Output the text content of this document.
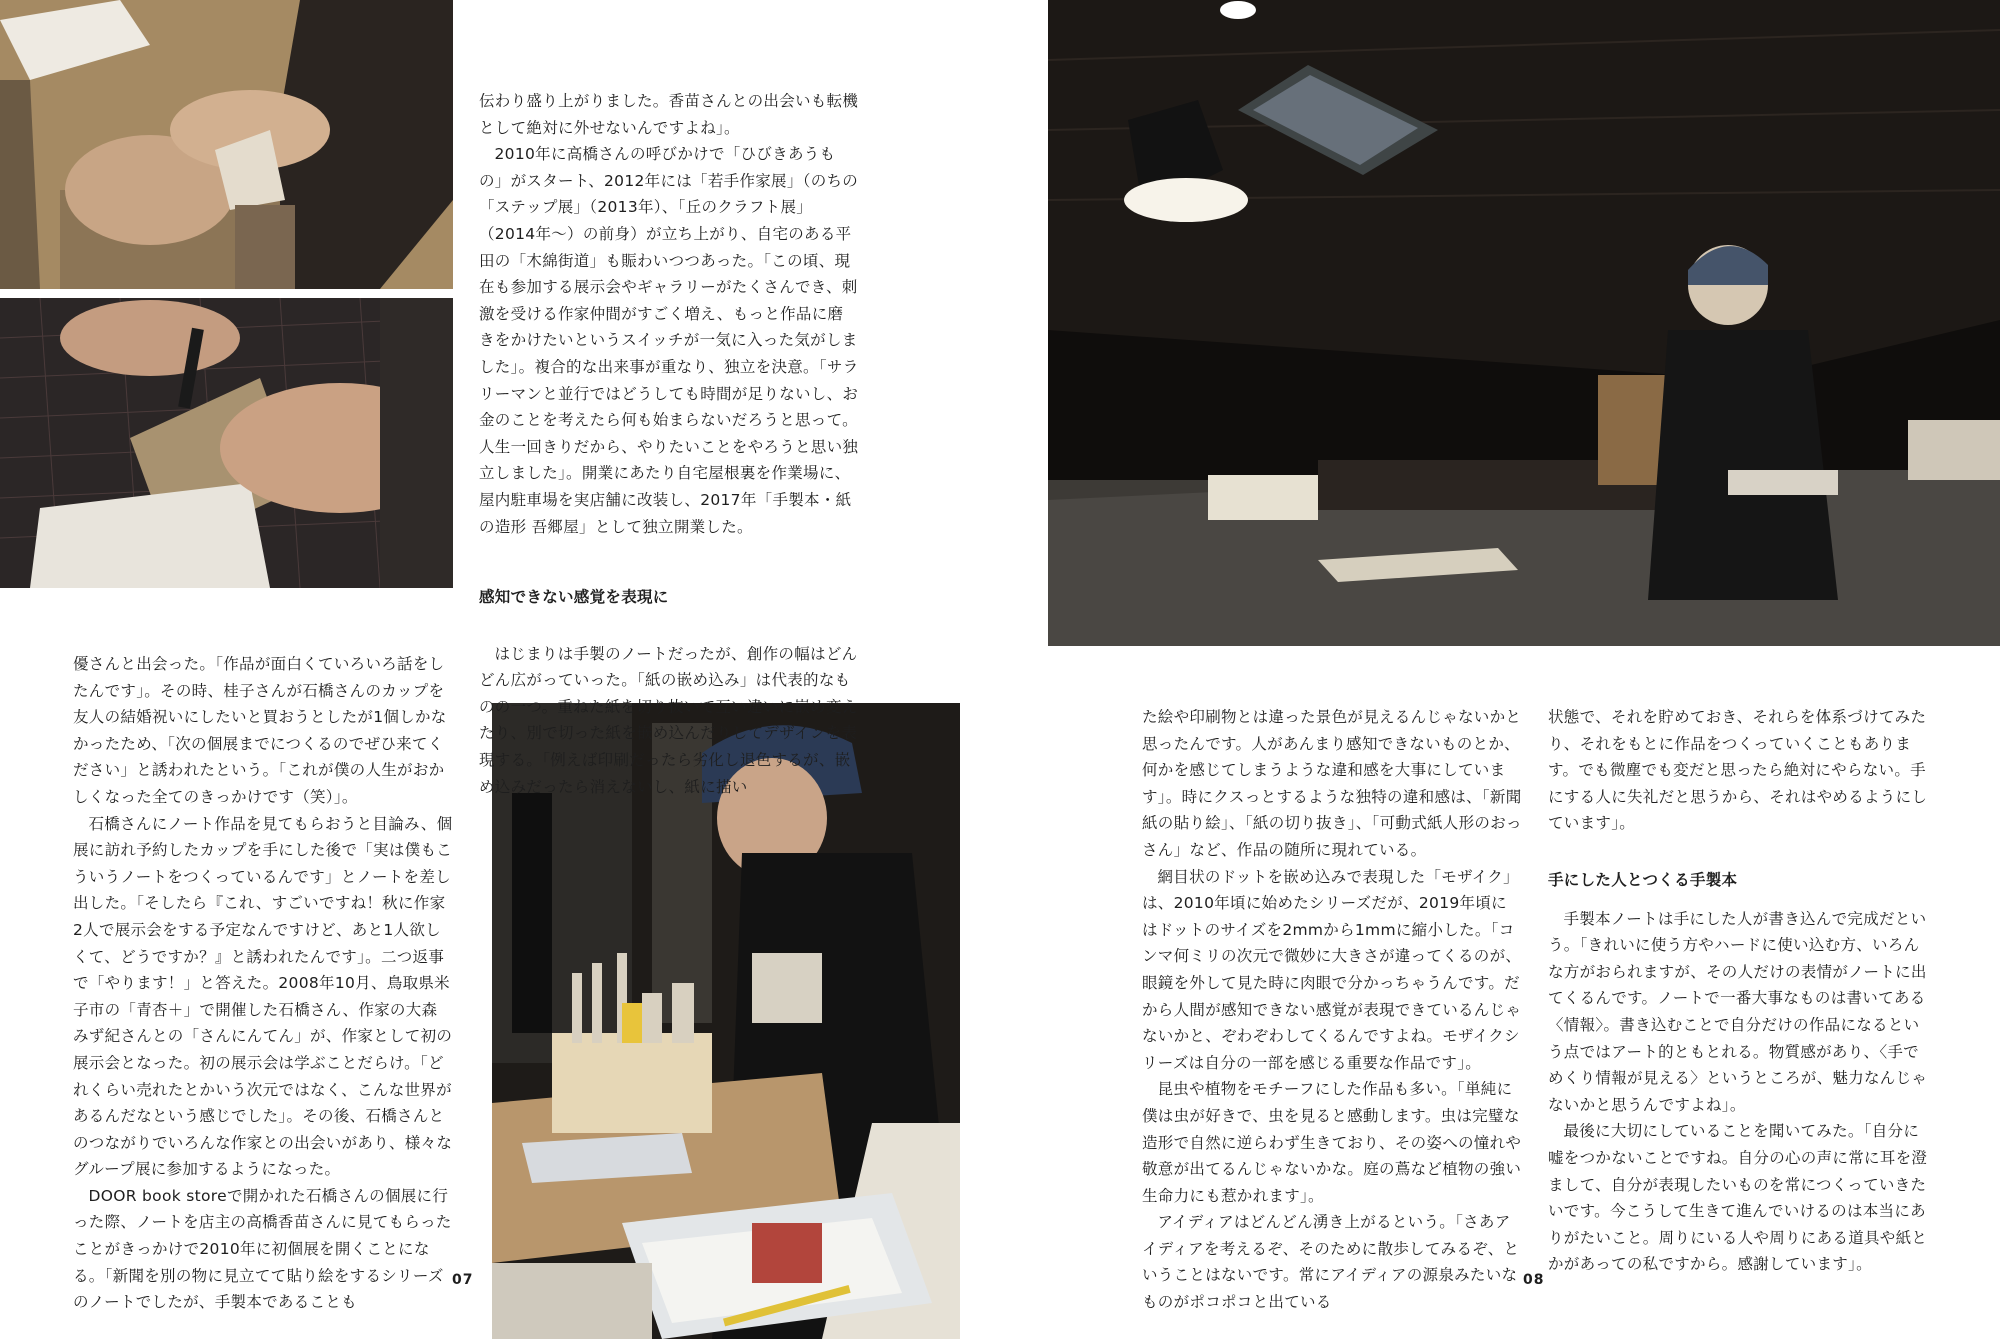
伝わり盛り上がりました。香苗さんとの出会いも転機として絶対に外せないんですよね」。

2010年に高橋さんの呼びかけで「ひびきあうもの」がスタート、2012年には「若手作家展」（のちの「ステップ展」（2013年）、「丘のクラフト展」（2014年〜）の前身）が立ち上がり、自宅のある平田の「木綿街道」も賑わいつつあった。「この頃、現在も参加する展示会やギャラリーがたくさんでき、刺激を受ける作家仲間がすごく増え、もっと作品に磨きをかけたいというスイッチが一気に入った気がしました」。複合的な出来事が重なり、独立を決意。「サラリーマンと並行ではどうしても時間が足りないし、お金のことを考えたら何も始まらないだろうと思って。人生一回きりだから、やりたいことをやろうと思い独立しました」。開業にあたり自宅屋根裏を作業場に、屋内駐車場を実店舗に改装し、2017年「手製本・紙の造形 吾郷屋」として独立開業した。

感知できない感覚を表現に

はじまりは手製のノートだったが、創作の幅はどんどん広がっていった。「紙の嵌め込み」は代表的なものの一つ。重ねた紙を切り抜いて互い違いに嵌め変えたり、別で切った紙を嵌め込んだりしてデザインを表現する。「例えば印刷だったら劣化し退色するが、嵌め込みだったら消えないし、紙に描い

優さんと出会った。「作品が面白くていろいろ話をしたんです」。その時、桂子さんが石橋さんのカップを友人の結婚祝いにしたいと買おうとしたが1個しかなかったため、「次の個展までにつくるのでぜひ来てください」と誘われたという。「これが僕の人生がおかしくなった全てのきっかけです（笑）」。

石橋さんにノート作品を見てもらおうと目論み、個展に訪れ予約したカップを手にした後で「実は僕もこういうノートをつくっているんです」とノートを差し出した。「そしたら『これ、すごいですね！秋に作家2人で展示会をする予定なんですけど、あと1人欲しくて、どうですか？』と誘われたんです」。二つ返事で「やります！」と答えた。2008年10月、鳥取県米子市の「青杏＋」で開催した石橋さん、作家の大森みず紀さんとの「さんにんてん」が、作家として初の展示会となった。初の展示会は学ぶことだらけ。「どれくらい売れたとかいう次元ではなく、こんな世界があるんだなという感じでした」。その後、石橋さんとのつながりでいろんな作家との出会いがあり、様々なグループ展に参加するようになった。

DOOR book storeで開かれた石橋さんの個展に行った際、ノートを店主の高橋香苗さんに見てもらったことがきっかけで2010年に初個展を開くことになる。「新聞を別の物に見立てて貼り絵をするシリーズのノートでしたが、手製本であることも

た絵や印刷物とは違った景色が見えるんじゃないかと思ったんです。人があんまり感知できないものとか、何かを感じてしまうような違和感を大事にしています」。時にクスっとするような独特の違和感は、「新聞紙の貼り絵」、「紙の切り抜き」、「可動式紙人形のおっさん」など、作品の随所に現れている。

網目状のドットを嵌め込みで表現した「モザイク」は、2010年頃に始めたシリーズだが、2019年頃にはドットのサイズを2mmから1mmに縮小した。「コンマ何ミリの次元で微妙に大きさが違ってくるのが、眼鏡を外して見た時に肉眼で分かっちゃうんです。だから人間が感知できない感覚が表現できているんじゃないかと、ぞわぞわしてくるんですよね。モザイクシリーズは自分の一部を感じる重要な作品です」。

昆虫や植物をモチーフにした作品も多い。「単純に僕は虫が好きで、虫を見ると感動します。虫は完璧な造形で自然に逆らわず生きており、その姿への憧れや敬意が出てるんじゃないかな。庭の蔦など植物の強い生命力にも惹かれます」。

アイディアはどんどん湧き上がるという。「さあアイディアを考えるぞ、そのために散歩してみるぞ、ということはないです。常にアイディアの源泉みたいなものがポコポコと出ている

状態で、それを貯めておき、それらを体系づけてみたり、それをもとに作品をつくっていくこともあります。でも微塵でも変だと思ったら絶対にやらない。手にする人に失礼だと思うから、それはやめるようにしています」。

手にした人とつくる手製本

手製本ノートは手にした人が書き込んで完成だという。「きれいに使う方やハードに使い込む方、いろんな方がおられますが、その人だけの表情がノートに出てくるんです。ノートで一番大事なものは書いてある〈情報〉。書き込むことで自分だけの作品になるという点ではアート的ともとれる。物質感があり、〈手でめくり情報が見える〉というところが、魅力なんじゃないかと思うんですよね」。

最後に大切にしていることを聞いてみた。「自分に嘘をつかないことですね。自分の心の声に常に耳を澄まして、自分が表現したいものを常につくっていきたいです。今こうして生きて進んでいけるのは本当にありがたいこと。周りにいる人や周りにある道具や紙とかがあっての私ですから。感謝しています」。

07	08
